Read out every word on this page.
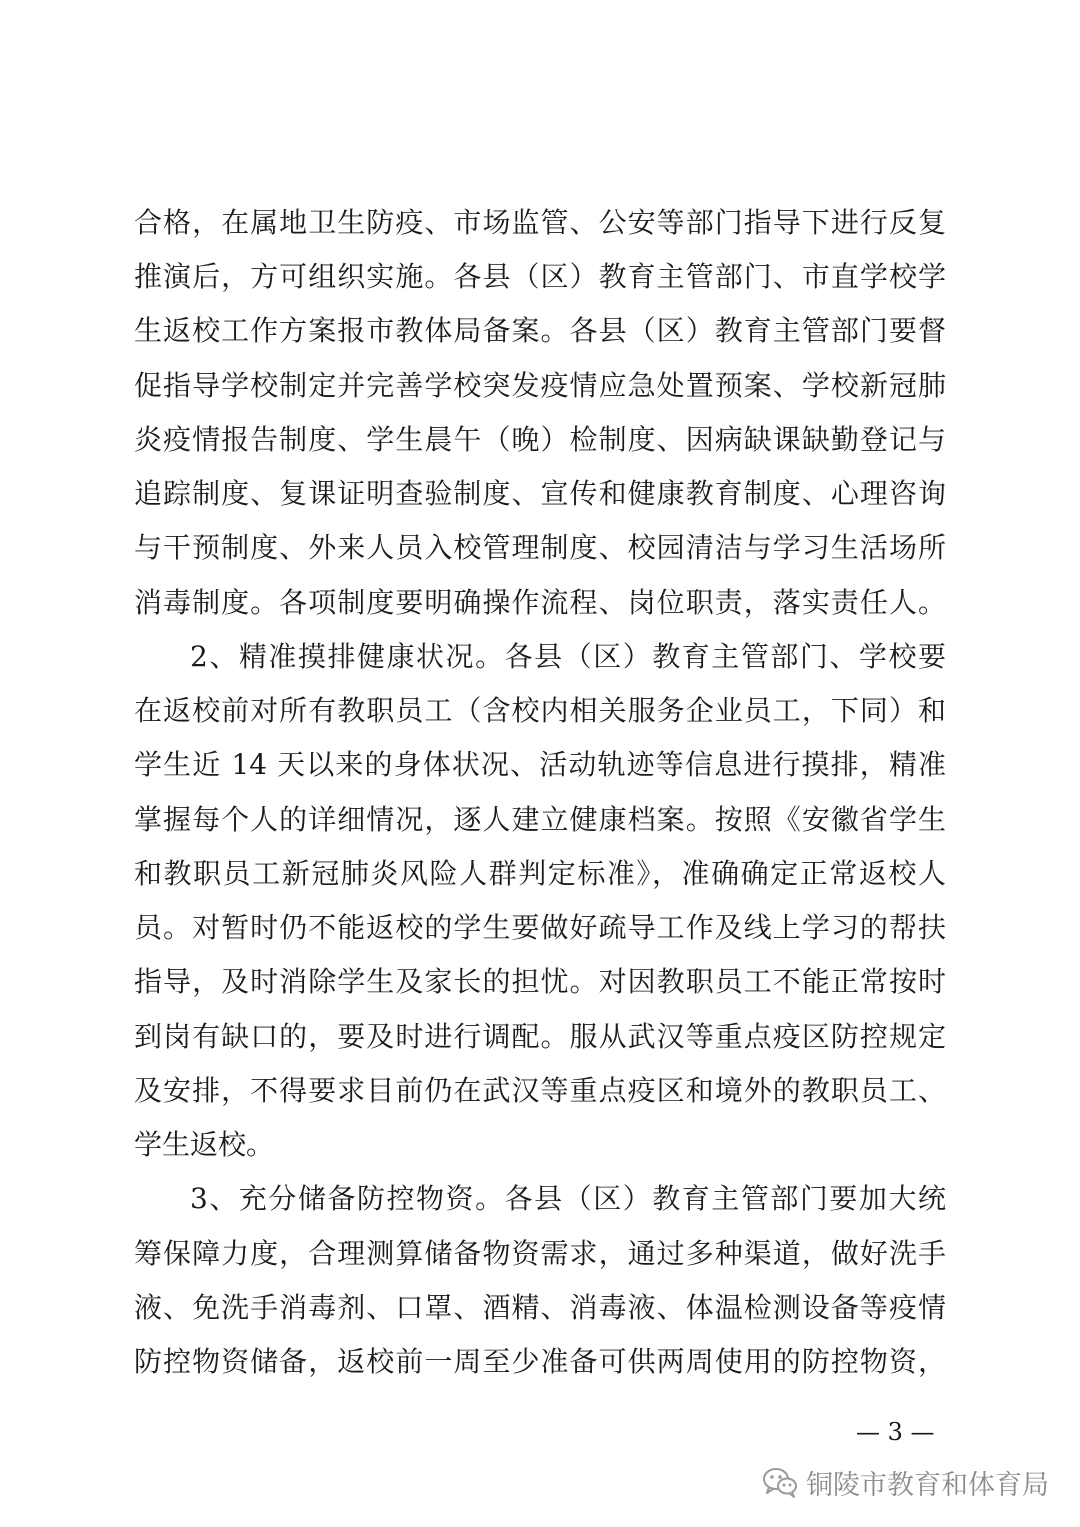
合格，在属地卫生防疫、市场监管、公安等部门指导下进行反复
推演后，方可组织实施。各县（区）教育主管部门、市直学校学
生返校工作方案报市教体局备案。各县（区）教育主管部门要督
促指导学校制定并完善学校突发疫情应急处置预案、学校新冠肺
炎疫情报告制度、学生晨午（晚）检制度、因病缺课缺勤登记与
追踪制度、复课证明查验制度、宣传和健康教育制度、心理咨询
与干预制度、外来人员入校管理制度、校园清洁与学习生活场所
消毒制度。各项制度要明确操作流程、岗位职责，落实责任人。
2、精准摸排健康状况。各县（区）教育主管部门、学校要
在返校前对所有教职员工（含校内相关服务企业员工，下同）和
学生近 14 天以来的身体状况、活动轨迹等信息进行摸排，精准
掌握每个人的详细情况，逐人建立健康档案。按照《安徽省学生
和教职员工新冠肺炎风险人群判定标准》，准确确定正常返校人
员。对暂时仍不能返校的学生要做好疏导工作及线上学习的帮扶
指导，及时消除学生及家长的担忧。对因教职员工不能正常按时
到岗有缺口的，要及时进行调配。服从武汉等重点疫区防控规定
及安排，不得要求目前仍在武汉等重点疫区和境外的教职员工、
学生返校。
3、充分储备防控物资。各县（区）教育主管部门要加大统
筹保障力度，合理测算储备物资需求，通过多种渠道，做好洗手
液、免洗手消毒剂、口罩、酒精、消毒液、体温检测设备等疫情
防控物资储备，返校前一周至少准备可供两周使用的防控物资，
— 3 —
铜陵市教育和体育局
